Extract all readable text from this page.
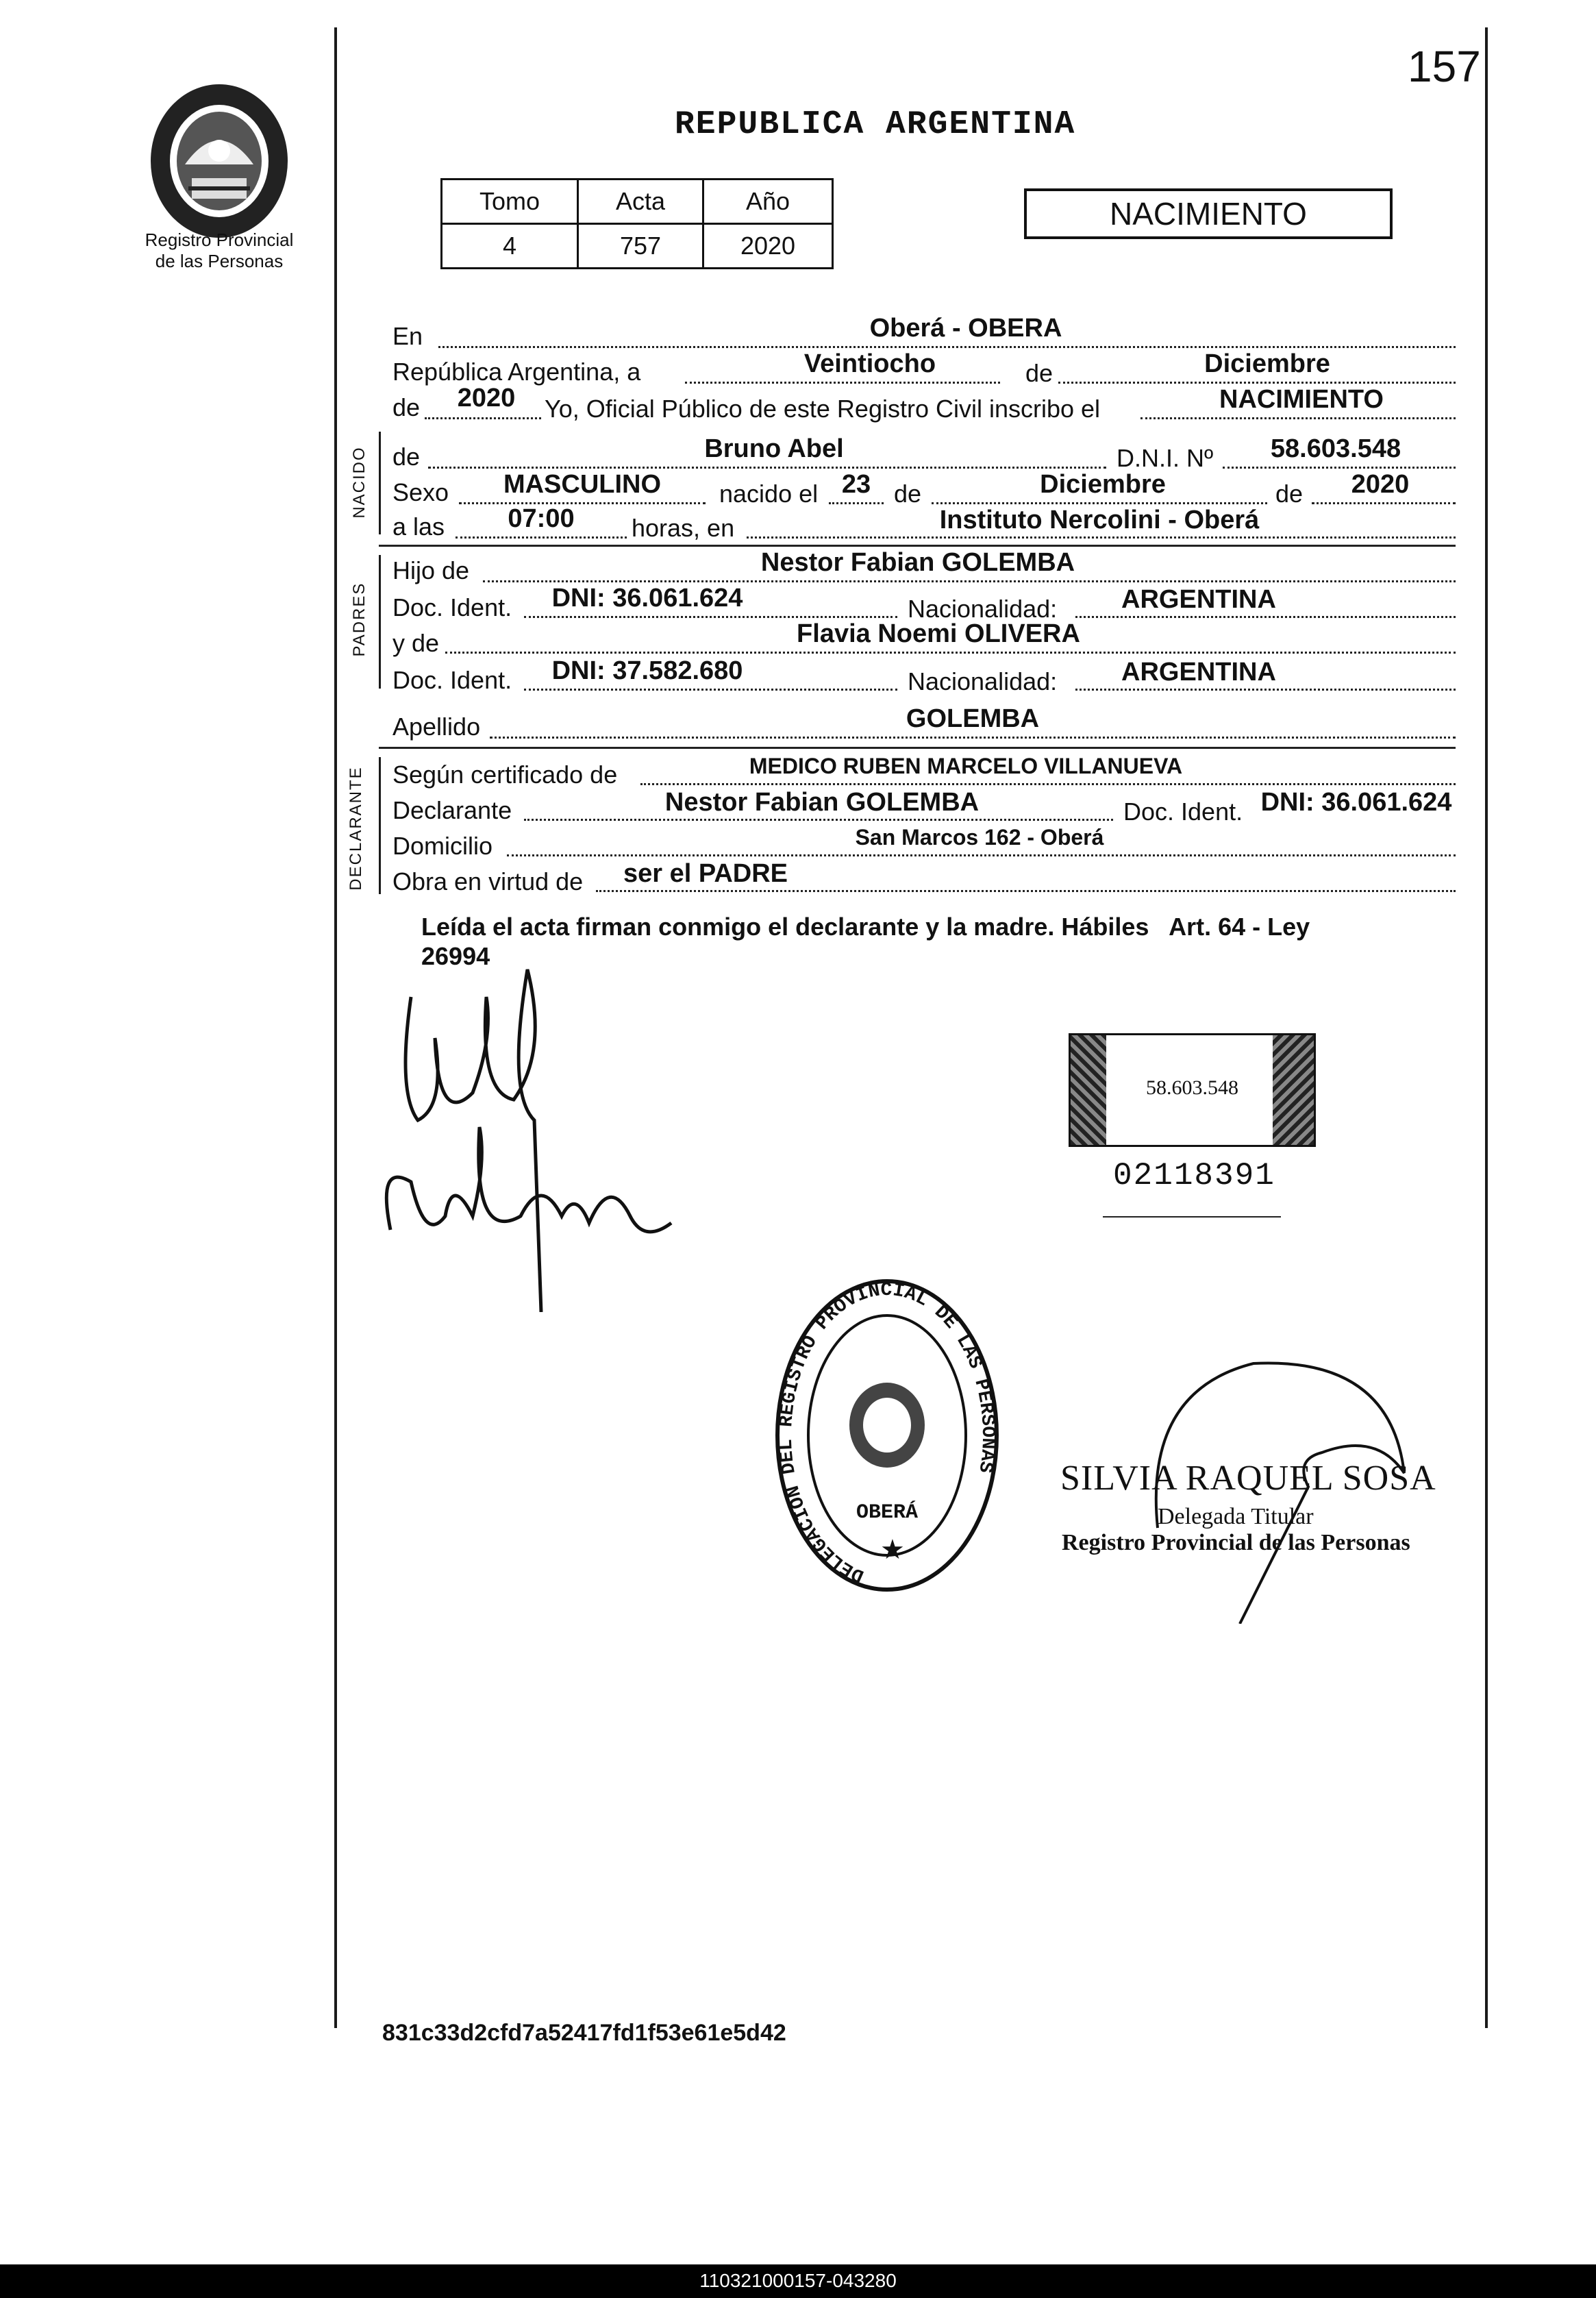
157
Registro Provincial
de las Personas
REPUBLICA ARGENTINA
Tomo	Acta	Año
4	757	2020
NACIMIENTO
En	Oberá - OBERA
República Argentina, a	Veintiocho	de	Diciembre
de	2020	Yo, Oficial Público de este Registro Civil inscribo el	NACIMIENTO
NACIDO de	Bruno Abel	D.N.I. Nº	58.603.548
Sexo	MASCULINO	nacido el 23 de	Diciembre	de	2020
a las	07:00	horas, en	Instituto Nercolini - Oberá
PADRES
Hijo de	Nestor Fabian GOLEMBA
Doc. Ident.	DNI: 36.061.624	Nacionalidad:	ARGENTINA
y de	Flavia Noemi OLIVERA
Doc. Ident.	DNI: 37.582.680	Nacionalidad:	ARGENTINA
Apellido	GOLEMBA
DECLARANTE Según certificado de	MEDICO RUBEN MARCELO VILLANUEVA
Declarante	Nestor Fabian GOLEMBA	Doc. Ident. DNI: 36.061.624
Domicilio	San Marcos 162 - Oberá
Obra en virtud de	ser el PADRE
Leída el acta firman conmigo el declarante y la madre. Hábiles   Art. 64 - Ley
26994
58.603.548
02118391
DELEGACION DEL REGISTRO PROVINCIAL DE LAS PERSONAS
OBERÁ
★
SILVIA RAQUEL SOSA
Delegada Titular
Registro Provincial de las Personas
831c33d2cfd7a52417fd1f53e61e5d42
110321000157-043280
